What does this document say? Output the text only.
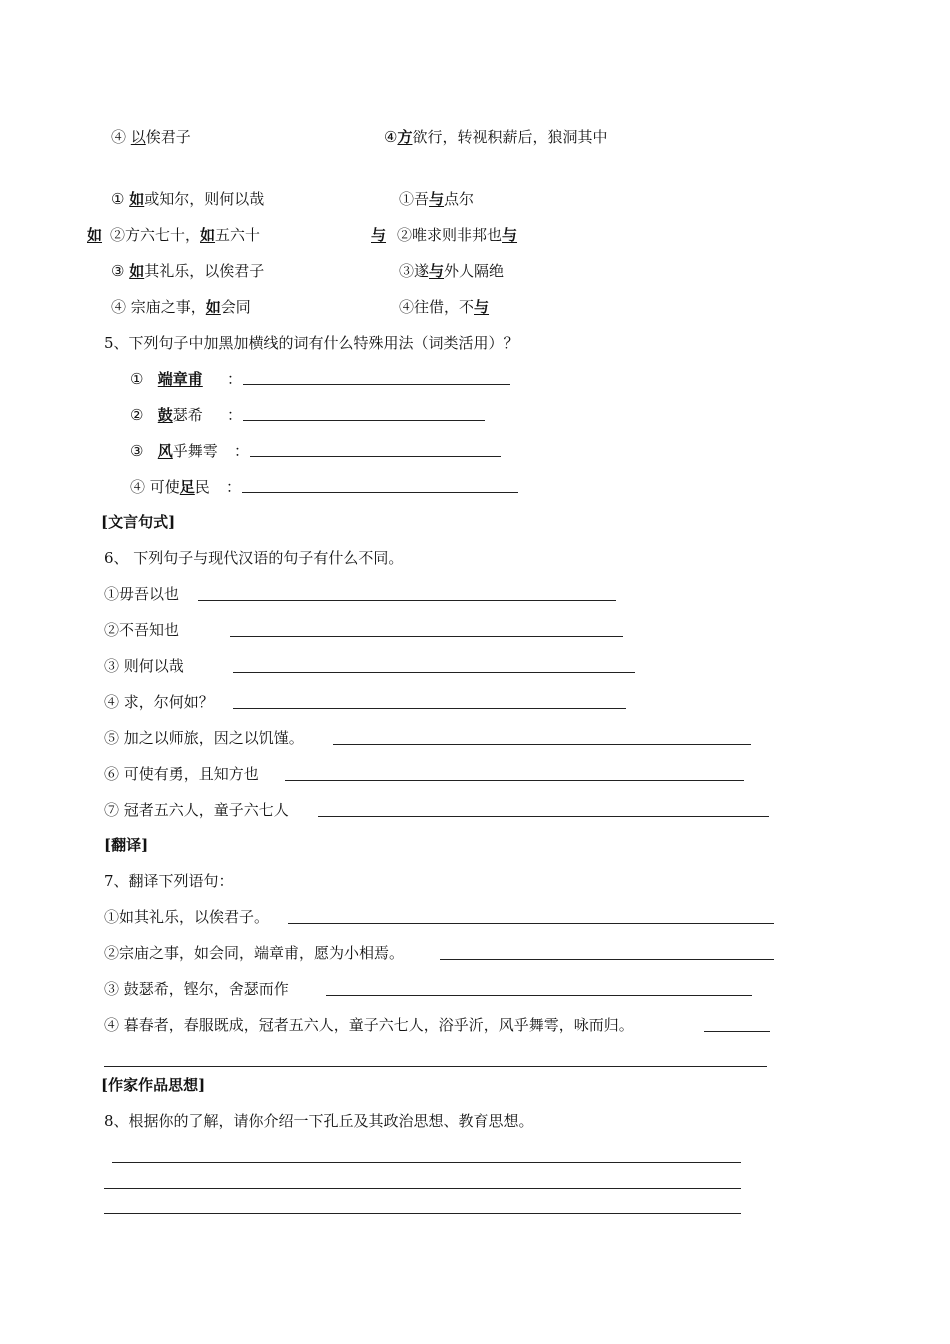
④ 以俟君子	④方欲行，转视积薪后，狼洞其中
① 如或知尔，则何以哉
如 ②方六七十，如五六十
③ 如其礼乐，以俟君子
④ 宗庙之事，如会同
①吾与点尔
与 ②唯求则非邦也与
③遂与外人隔绝
④往借，不与
5、下列句子中加黑加横线的词有什么特殊用法（词类活用）？
① 端章甫 ：
② 鼓瑟希 ：
③ 风乎舞雩 ：
④ 可使足民 ：
[文言句式]
6、 下列句子与现代汉语的句子有什么不同。
①毋吾以也
②不吾知也
③ 则何以哉
④ 求，尔何如？
⑤ 加之以师旅，因之以饥馑。
⑥ 可使有勇，且知方也
⑦ 冠者五六人，童子六七人
[翻译]
7、翻译下列语句：
①如其礼乐，以俟君子。
②宗庙之事，如会同，端章甫，愿为小相焉。
③ 鼓瑟希，铿尔，舍瑟而作
④ 暮春者，春服既成，冠者五六人，童子六七人，浴乎沂，风乎舞雩，咏而归。
[作家作品思想]
8、根据你的了解，请你介绍一下孔丘及其政治思想、教育思想。
